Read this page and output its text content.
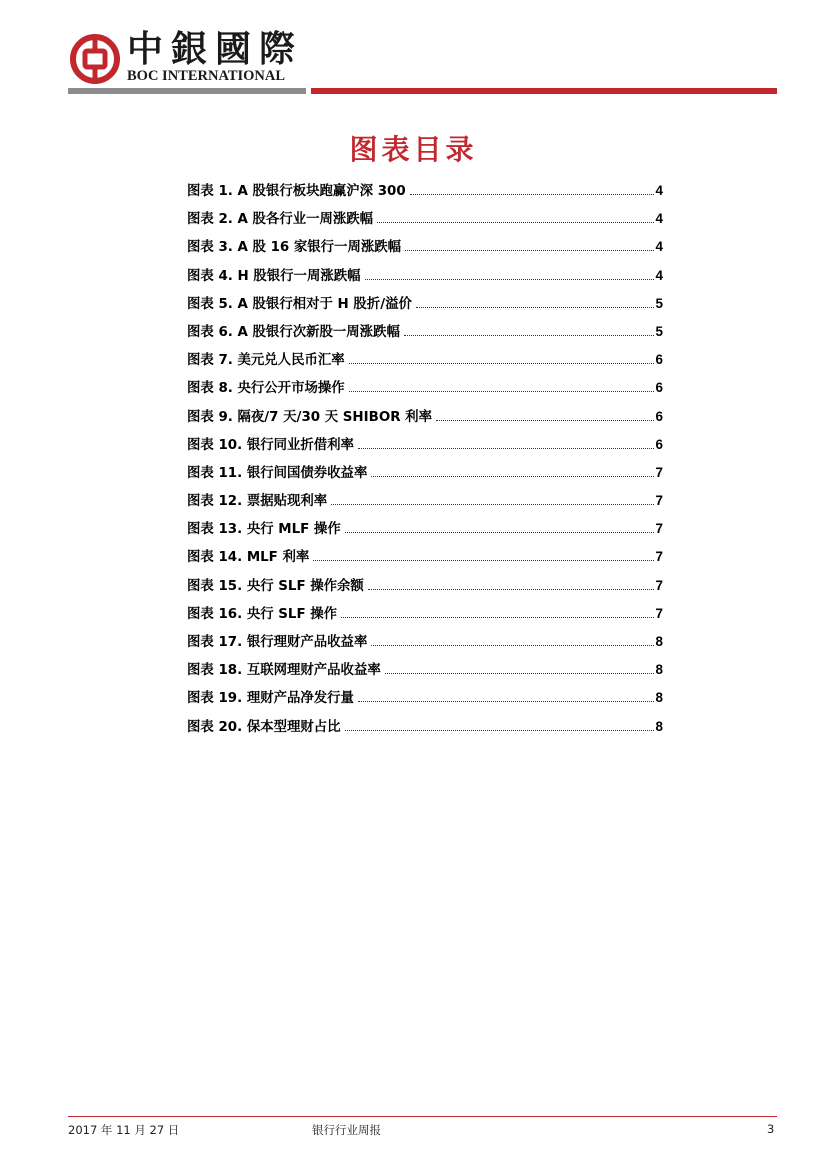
中銀國際
BOC INTERNATIONAL
图表目录
图表 1. A 股银行板块跑赢沪深 300	4
图表 2. A 股各行业一周涨跌幅	4
图表 3. A 股 16 家银行一周涨跌幅	4
图表 4. H 股银行一周涨跌幅	4
图表 5. A 股银行相对于 H 股折/溢价	5
图表 6. A 股银行次新股一周涨跌幅	5
图表 7. 美元兑人民币汇率	6
图表 8. 央行公开市场操作	6
图表 9. 隔夜/7 天/30 天 SHIBOR 利率	6
图表 10. 银行同业折借利率	6
图表 11. 银行间国债券收益率	7
图表 12. 票据贴现利率	7
图表 13. 央行 MLF 操作	7
图表 14. MLF 利率	7
图表 15. 央行 SLF 操作余额	7
图表 16. 央行 SLF 操作	7
图表 17. 银行理财产品收益率	8
图表 18. 互联网理财产品收益率	8
图表 19. 理财产品净发行量	8
图表 20. 保本型理财占比	8
2017 年 11 月 27 日	银行行业周报	3
